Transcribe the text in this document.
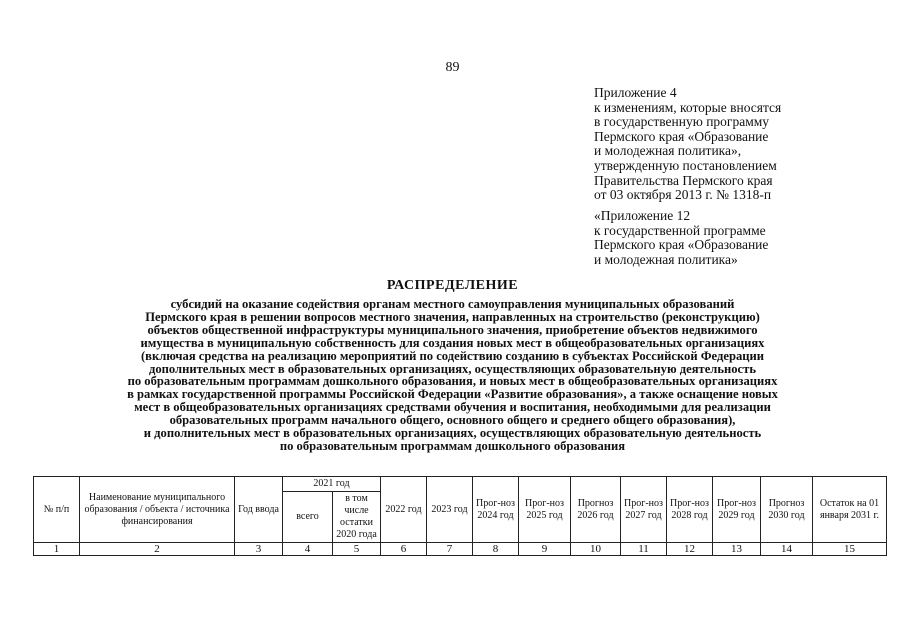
89
Приложение 4
к изменениям, которые вносятся
в государственную программу
Пермского края «Образование
и молодежная политика»,
утвержденную постановлением
Правительства Пермского края
от 03 октября 2013 г. № 1318-п
«Приложение 12
к государственной программе
Пермского края «Образование
и молодежная политика»
РАСПРЕДЕЛЕНИЕ
субсидий на оказание содействия органам местного самоуправления муниципальных образований
Пермского края в решении вопросов местного значения, направленных на строительство (реконструкцию)
объектов общественной инфраструктуры муниципального значения, приобретение объектов недвижимого
имущества в муниципальную собственность для создания новых мест в общеобразовательных организациях
(включая средства на реализацию мероприятий по содействию созданию в субъектах Российской Федерации
дополнительных мест в образовательных организациях, осуществляющих образовательную деятельность
по образовательным программам дошкольного образования, и новых мест в общеобразовательных организациях
в рамках государственной программы Российской Федерации «Развитие образования», а также оснащение новых
мест в общеобразовательных организациях средствами обучения и воспитания, необходимыми для реализации
образовательных программ начального общего, основного общего и среднего общего образования),
и дополнительных мест в образовательных организациях, осуществляющих образовательную деятельность
по образовательным программам дошкольного образования
№ п/п	Наименование муниципального образования / объекта / источника финансирования	Год ввода	2021 год		2022 год	2023 год	Прог-ноз 2024 год	Прог-ноз 2025 год	Прогноз 2026 год	Прог-ноз 2027 год	Прог-ноз 2028 год	Прог-ноз 2029 год	Прогноз 2030 год	Остаток на 01 января 2031 г.
			всего	в том числе остатки 2020 года										
1	2	3	4	5	6	7	8	9	10	11	12	13	14	15
